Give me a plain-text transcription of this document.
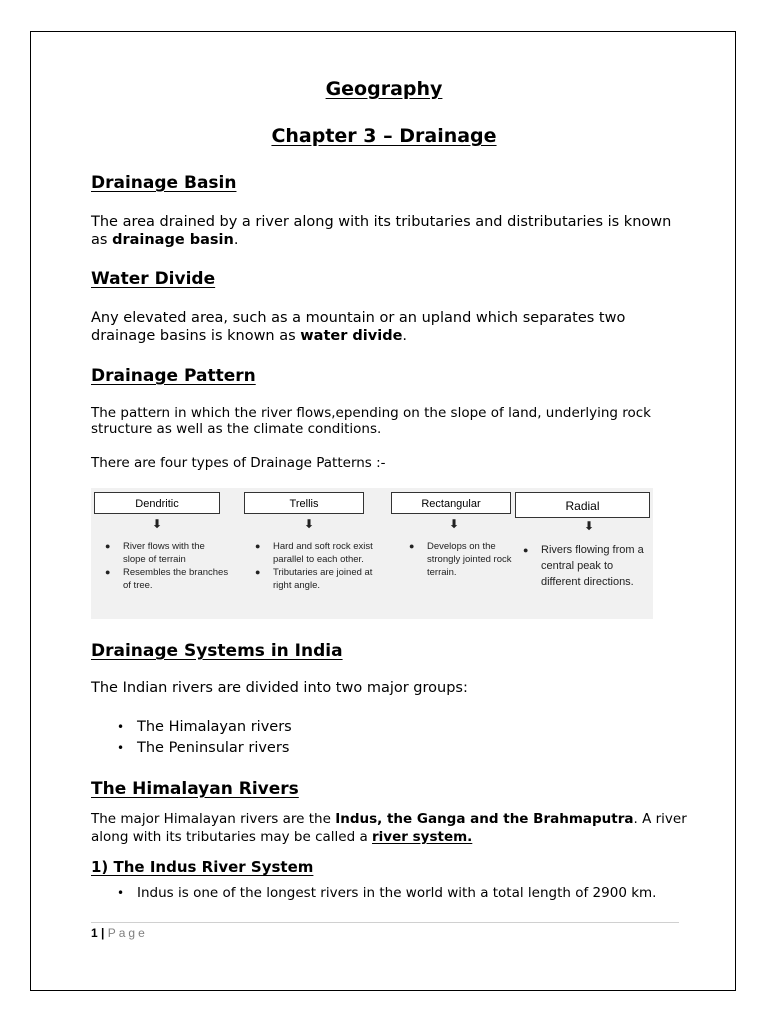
Geography
Chapter 3 – Drainage
Drainage Basin

The area drained by a river along with its tributaries and distributaries is known as drainage basin.

Water Divide

Any elevated area, such as a mountain or an upland which separates two drainage basins is known as water divide.

Drainage Pattern

The pattern in which the river flows,epending on the slope of land, underlying rock structure as well as the climate conditions.

There are four types of Drainage Patterns :-

Dendritic
⬇
● River flows with the slope of terrain
● Resembles the branches of tree.
Trellis
⬇
● Hard and soft rock exist parallel to each other.
● Tributaries are joined at right angle.
Rectangular
⬇
● Develops on the strongly jointed rock terrain.
Radial
⬇
● Rivers flowing from a central peak to different directions.
Drainage Systems in India

The Indian rivers are divided into two major groups:

• The Himalayan rivers
• The Peninsular rivers
The Himalayan Rivers

The major Himalayan rivers are the Indus, the Ganga and the Brahmaputra. A river along with its tributaries may be called a river system.

1) The Indus River System
• Indus is one of the longest rivers in the world with a total length of 2900 km.
1 | Page
